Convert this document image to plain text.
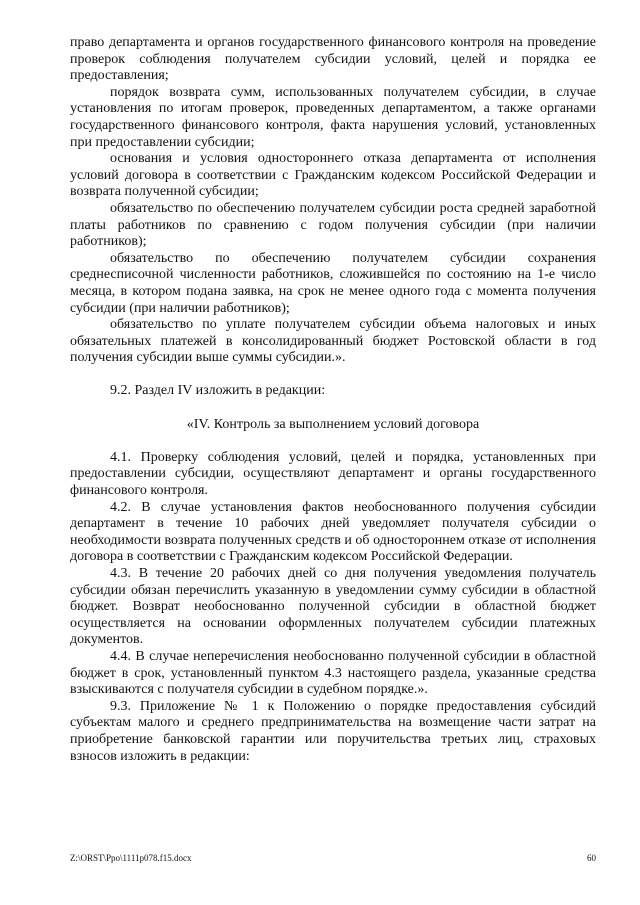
право департамента и органов государственного финансового контроля на проведение проверок соблюдения получателем субсидии условий, целей и порядка ее предоставления;

порядок возврата сумм, использованных получателем субсидии, в случае установления по итогам проверок, проведенных департаментом, а также органами государственного финансового контроля, факта нарушения условий, установленных при предоставлении субсидии;

основания и условия одностороннего отказа департамента от исполнения условий договора в соответствии с Гражданским кодексом Российской Федерации и возврата полученной субсидии;

обязательство по обеспечению получателем субсидии роста средней заработной платы работников по сравнению с годом получения субсидии (при наличии работников);

обязательство по обеспечению получателем субсидии сохранения среднесписочной численности работников, сложившейся по состоянию на 1-е число месяца, в котором подана заявка, на срок не менее одного года с момента получения субсидии (при наличии работников);

обязательство по уплате получателем субсидии объема налоговых и иных обязательных платежей в консолидированный бюджет Ростовской области в год получения субсидии выше суммы субсидии.».

9.2. Раздел IV изложить в редакции:

«IV. Контроль за выполнением условий договора

4.1. Проверку соблюдения условий, целей и порядка, установленных при предоставлении субсидии, осуществляют департамент и органы государственного финансового контроля.

4.2. В случае установления фактов необоснованного получения субсидии департамент в течение 10 рабочих дней уведомляет получателя субсидии о необходимости возврата полученных средств и об одностороннем отказе от исполнения договора в соответствии с Гражданским кодексом Российской Федерации.

4.3. В течение 20 рабочих дней со дня получения уведомления получатель субсидии обязан перечислить указанную в уведомлении сумму субсидии в областной бюджет. Возврат необоснованно полученной субсидии в областной бюджет осуществляется на основании оформленных получателем субсидии платежных документов.

4.4. В случае неперечисления необоснованно полученной субсидии в областной бюджет в срок, установленный пунктом 4.3 настоящего раздела, указанные средства взыскиваются с получателя субсидии в судебном порядке.».

9.3. Приложение № 1 к Положению о порядке предоставления субсидий субъектам малого и среднего предпринимательства на возмещение части затрат на приобретение банковской гарантии или поручительства третьих лиц, страховых взносов изложить в редакции:

Z:\ORST\Ppo\1111p078.f15.docx	60
